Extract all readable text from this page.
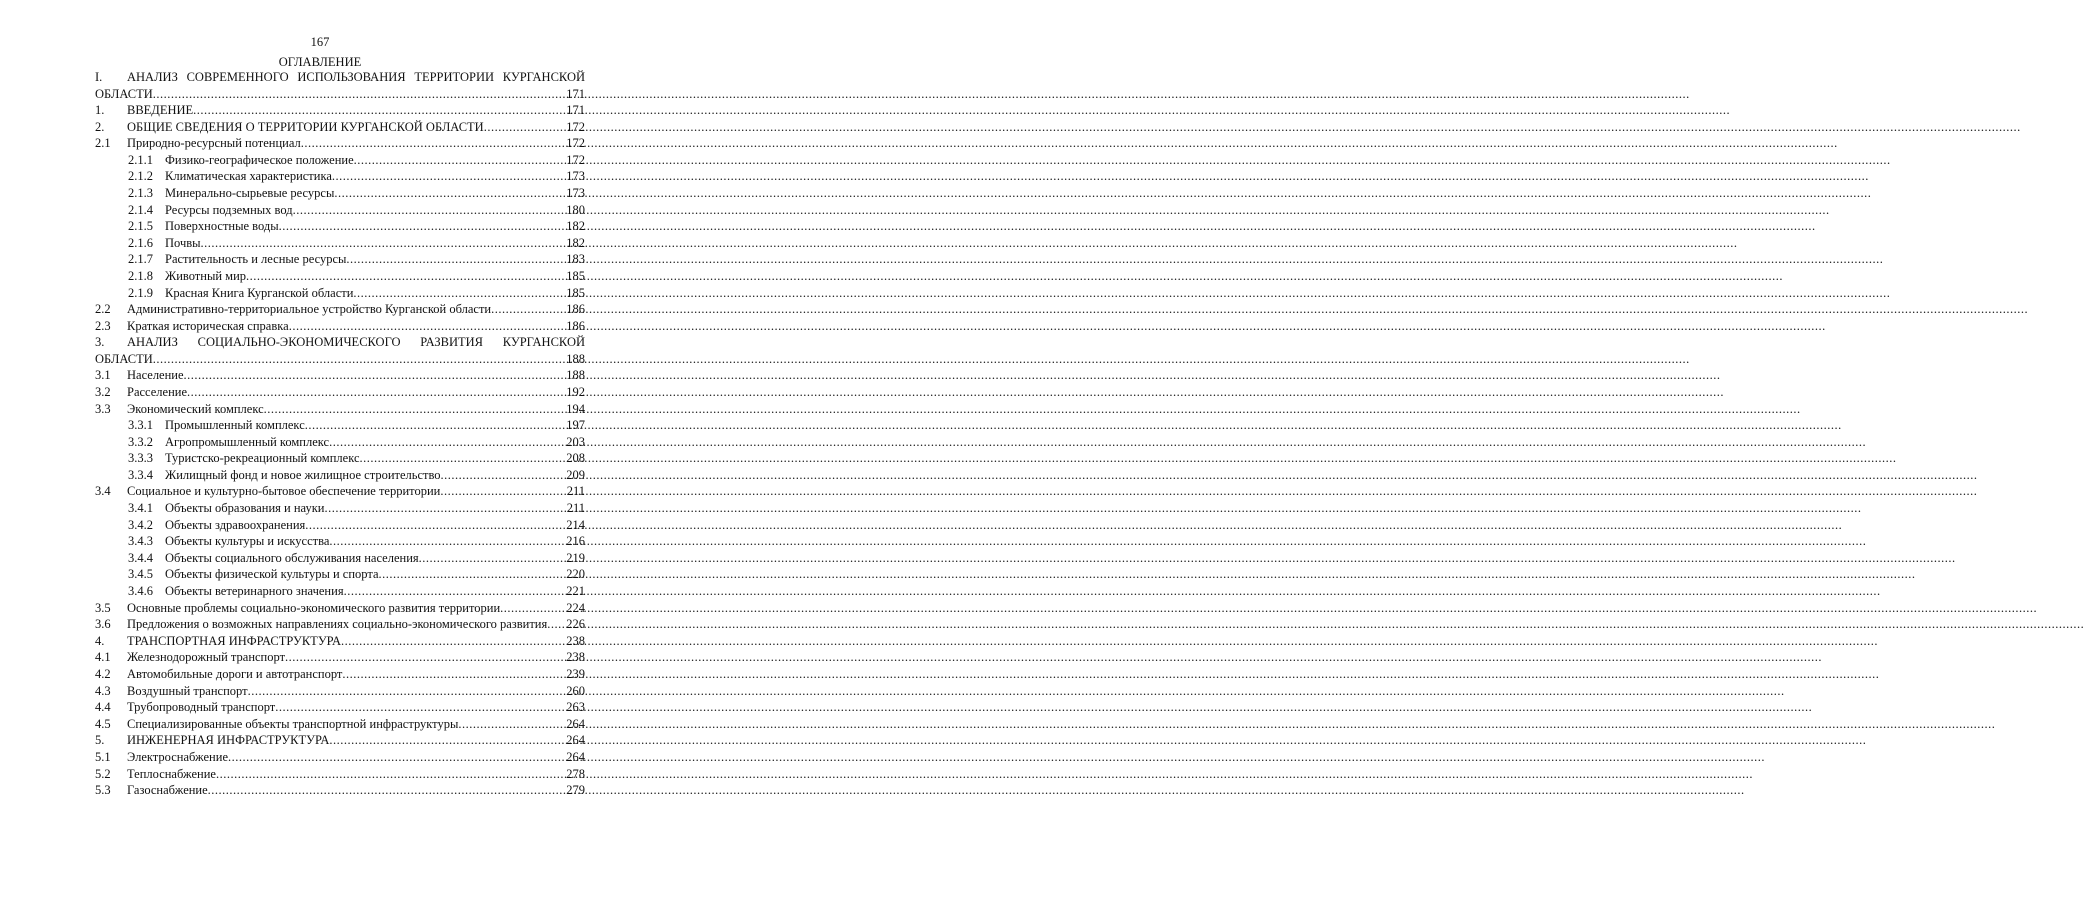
167
ОГЛАВЛЕНИЕ
I. АНАЛИЗ СОВРЕМЕННОГО ИСПОЛЬЗОВАНИЯ ТЕРРИТОРИИ КУРГАНСКОЙ
ОБЛАСТИ .....	171
1. ВВЕДЕНИЕ .....	171
2. ОБЩИЕ СВЕДЕНИЯ О ТЕРРИТОРИИ КУРГАНСКОЙ ОБЛАСТИ .....	172
2.1 Природно-ресурсный потенциал .....	172
2.1.1 Физико-географическое положение .....	172
2.1.2 Климатическая характеристика .....	173
2.1.3 Минерально-сырьевые ресурсы .....	173
2.1.4 Ресурсы подземных вод .....	180
2.1.5 Поверхностные воды .....	182
2.1.6 Почвы .....	182
2.1.7 Растительность и лесные ресурсы .....	183
2.1.8 Животный мир .....	185
2.1.9 Красная Книга Курганской области .....	185
2.2 Административно-территориальное устройство Курганской области .....	186
2.3 Краткая историческая справка .....	186
3. АНАЛИЗ СОЦИАЛЬНО-ЭКОНОМИЧЕСКОГО РАЗВИТИЯ КУРГАНСКОЙ
ОБЛАСТИ .....	188
3.1 Население .....	188
3.2 Расселение .....	192
3.3 Экономический комплекс .....	194
3.3.1 Промышленный комплекс .....	197
3.3.2 Агропромышленный комплекс .....	203
3.3.3 Туристско-рекреационный комплекс .....	208
3.3.4 Жилищный фонд и новое жилищное строительство .....	209
3.4 Социальное и культурно-бытовое обеспечение территории .....	211
3.4.1 Объекты образования и науки .....	211
3.4.2 Объекты здравоохранения .....	214
3.4.3 Объекты культуры и искусства .....	216
3.4.4 Объекты социального обслуживания населения .....	219
3.4.5 Объекты физической культуры и спорта .....	220
3.4.6 Объекты ветеринарного значения .....	221
3.5 Основные проблемы социально-экономического развития территории .....	224
3.6 Предложения о возможных направлениях социально-экономического развития ..... 226
4. ТРАНСПОРТНАЯ ИНФРАСТРУКТУРА .....	238
4.1 Железнодорожный транспорт .....	238
4.2 Автомобильные дороги и автотранспорт .....	239
4.3 Воздушный транспорт .....	260
4.4 Трубопроводный транспорт .....	263
4.5 Специализированные объекты транспортной инфраструктуры .....	264
5. ИНЖЕНЕРНАЯ ИНФРАСТРУКТУРА .....	264
5.1 Электроснабжение .....	264
5.2 Теплоснабжение .....	278
5.3 Газоснабжение .....	279
